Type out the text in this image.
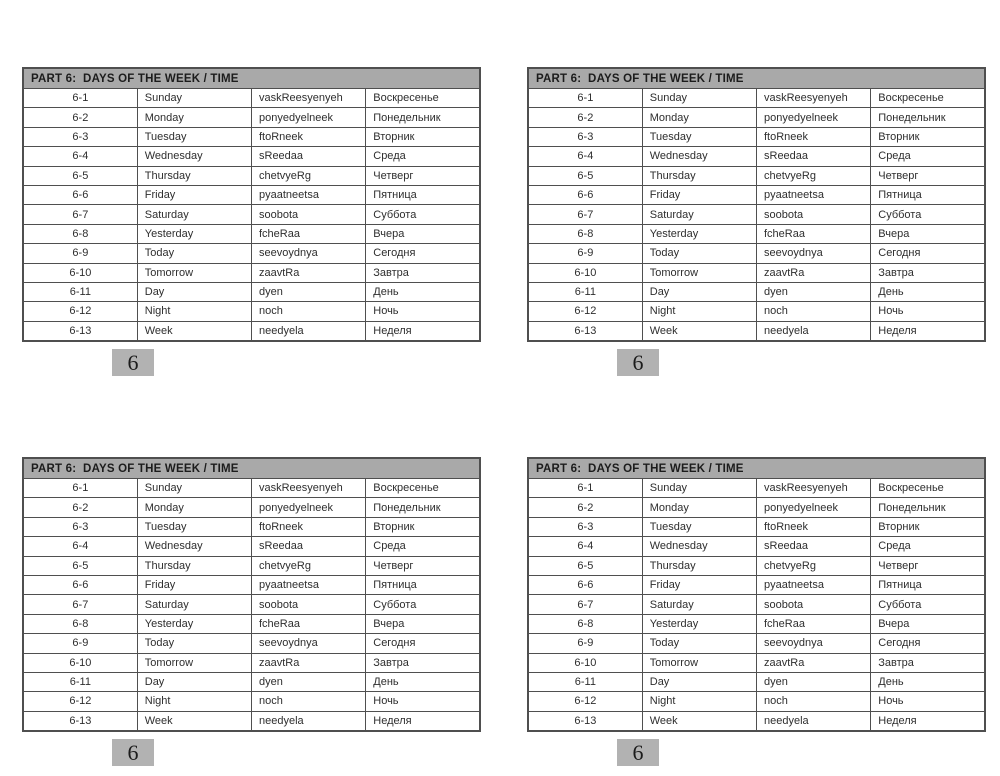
PART 6:  DAYS OF THE WEEK / TIME			
6-1	Sunday	vaskReesyenyeh	Воскресенье
6-2	Monday	ponyedyelneek	Понедельник
6-3	Tuesday	ftoRneek	Вторник
6-4	Wednesday	sReedaa	Среда
6-5	Thursday	chetvyeRg	Четверг
6-6	Friday	pyaatneetsa	Пятница
6-7	Saturday	soobota	Суббота
6-8	Yesterday	fcheRaa	Вчера
6-9	Today	seevoydnya	Сегодня
6-10	Tomorrow	zaavtRa	Завтра
6-11	Day	dyen	День
6-12	Night	noch	Ночь
6-13	Week	needyela	Неделя
6
PART 6:  DAYS OF THE WEEK / TIME			
6-1	Sunday	vaskReesyenyeh	Воскресенье
6-2	Monday	ponyedyelneek	Понедельник
6-3	Tuesday	ftoRneek	Вторник
6-4	Wednesday	sReedaa	Среда
6-5	Thursday	chetvyeRg	Четверг
6-6	Friday	pyaatneetsa	Пятница
6-7	Saturday	soobota	Суббота
6-8	Yesterday	fcheRaa	Вчера
6-9	Today	seevoydnya	Сегодня
6-10	Tomorrow	zaavtRa	Завтра
6-11	Day	dyen	День
6-12	Night	noch	Ночь
6-13	Week	needyela	Неделя
6
PART 6:  DAYS OF THE WEEK / TIME			
6-1	Sunday	vaskReesyenyeh	Воскресенье
6-2	Monday	ponyedyelneek	Понедельник
6-3	Tuesday	ftoRneek	Вторник
6-4	Wednesday	sReedaa	Среда
6-5	Thursday	chetvyeRg	Четверг
6-6	Friday	pyaatneetsa	Пятница
6-7	Saturday	soobota	Суббота
6-8	Yesterday	fcheRaa	Вчера
6-9	Today	seevoydnya	Сегодня
6-10	Tomorrow	zaavtRa	Завтра
6-11	Day	dyen	День
6-12	Night	noch	Ночь
6-13	Week	needyela	Неделя
6
PART 6:  DAYS OF THE WEEK / TIME			
6-1	Sunday	vaskReesyenyeh	Воскресенье
6-2	Monday	ponyedyelneek	Понедельник
6-3	Tuesday	ftoRneek	Вторник
6-4	Wednesday	sReedaa	Среда
6-5	Thursday	chetvyeRg	Четверг
6-6	Friday	pyaatneetsa	Пятница
6-7	Saturday	soobota	Суббота
6-8	Yesterday	fcheRaa	Вчера
6-9	Today	seevoydnya	Сегодня
6-10	Tomorrow	zaavtRa	Завтра
6-11	Day	dyen	День
6-12	Night	noch	Ночь
6-13	Week	needyela	Неделя
6
